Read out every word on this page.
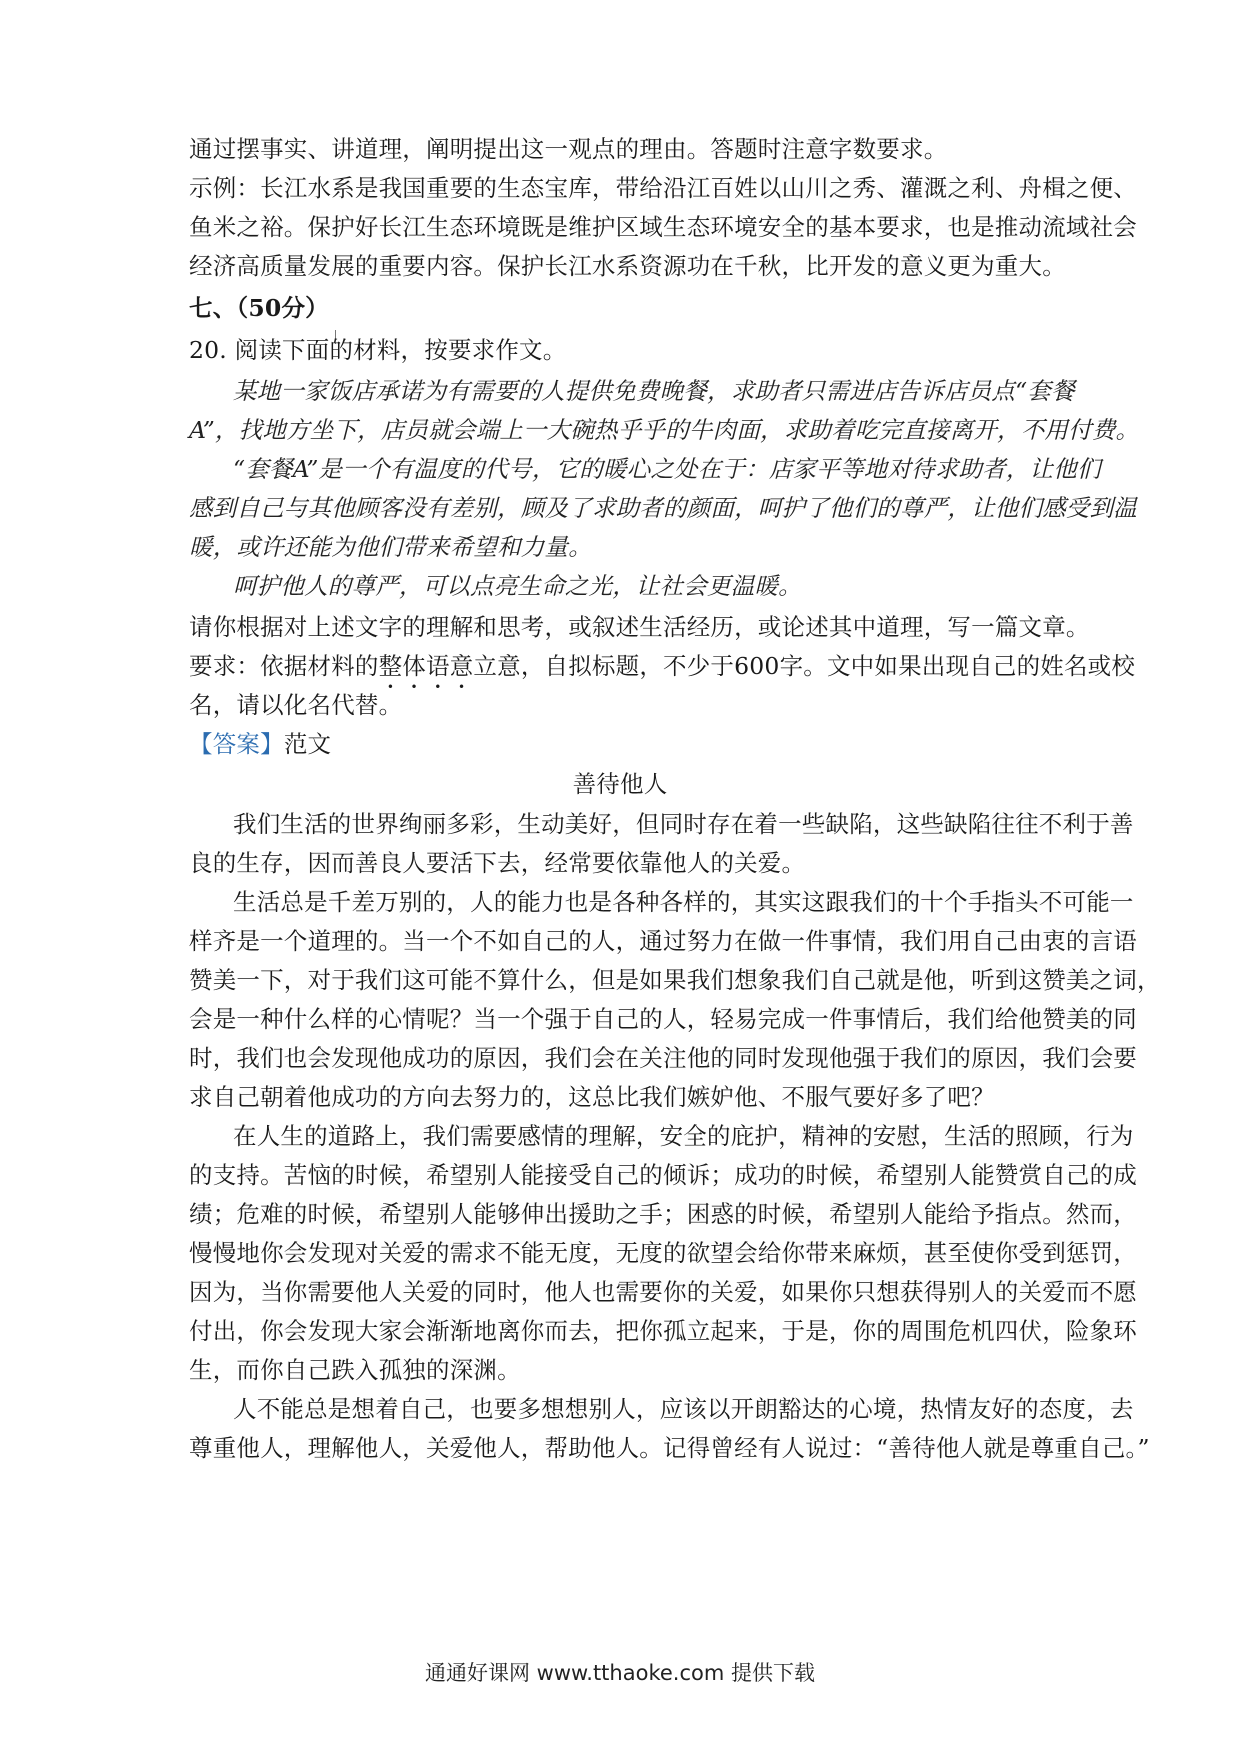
通过摆事实、讲道理，阐明提出这一观点的理由。答题时注意字数要求。
示例：长江水系是我国重要的生态宝库，带给沿江百姓以山川之秀、灌溉之利、舟楫之便、
鱼米之裕。保护好长江生态环境既是维护区域生态环境安全的基本要求，也是推动流域社会
经济高质量发展的重要内容。保护长江水系资源功在千秋，比开发的意义更为重大。
七、（50分）
20. 阅读下面的材料，按要求作文。
某地一家饭店承诺为有需要的人提供免费晚餐，求助者只需进店告诉店员点“套餐
A”，找地方坐下，店员就会端上一大碗热乎乎的牛肉面，求助着吃完直接离开，不用付费。
“套餐A”是一个有温度的代号，它的暖心之处在于：店家平等地对待求助者，让他们
感到自己与其他顾客没有差别，顾及了求助者的颜面，呵护了他们的尊严，让他们感受到温
暖，或许还能为他们带来希望和力量。
呵护他人的尊严，可以点亮生命之光，让社会更温暖。
请你根据对上述文字的理解和思考，或叙述生活经历，或论述其中道理，写一篇文章。
要求：依据材料的整体语意立意，自拟标题，不少于600字。文中如果出现自己的姓名或校
名，请以化名代替。
【答案】范文
善待他人
我们生活的世界绚丽多彩，生动美好，但同时存在着一些缺陷，这些缺陷往往不利于善
良的生存，因而善良人要活下去，经常要依靠他人的关爱。
生活总是千差万别的，人的能力也是各种各样的，其实这跟我们的十个手指头不可能一
样齐是一个道理的。当一个不如自己的人，通过努力在做一件事情，我们用自己由衷的言语
赞美一下，对于我们这可能不算什么，但是如果我们想象我们自己就是他，听到这赞美之词，
会是一种什么样的心情呢？当一个强于自己的人，轻易完成一件事情后，我们给他赞美的同
时，我们也会发现他成功的原因，我们会在关注他的同时发现他强于我们的原因，我们会要
求自己朝着他成功的方向去努力的，这总比我们嫉妒他、不服气要好多了吧？
在人生的道路上，我们需要感情的理解，安全的庇护，精神的安慰，生活的照顾，行为
的支持。苦恼的时候，希望别人能接受自己的倾诉；成功的时候，希望别人能赞赏自己的成
绩；危难的时候，希望别人能够伸出援助之手；困惑的时候，希望别人能给予指点。然而，
慢慢地你会发现对关爱的需求不能无度，无度的欲望会给你带来麻烦，甚至使你受到惩罚，
因为，当你需要他人关爱的同时，他人也需要你的关爱，如果你只想获得别人的关爱而不愿
付出，你会发现大家会渐渐地离你而去，把你孤立起来，于是，你的周围危机四伏，险象环
生，而你自己跌入孤独的深渊。
人不能总是想着自己，也要多想想别人，应该以开朗豁达的心境，热情友好的态度，去
尊重他人，理解他人，关爱他人，帮助他人。记得曾经有人说过：“善待他人就是尊重自己。”
通通好课网 www.tthaoke.com 提供下载
